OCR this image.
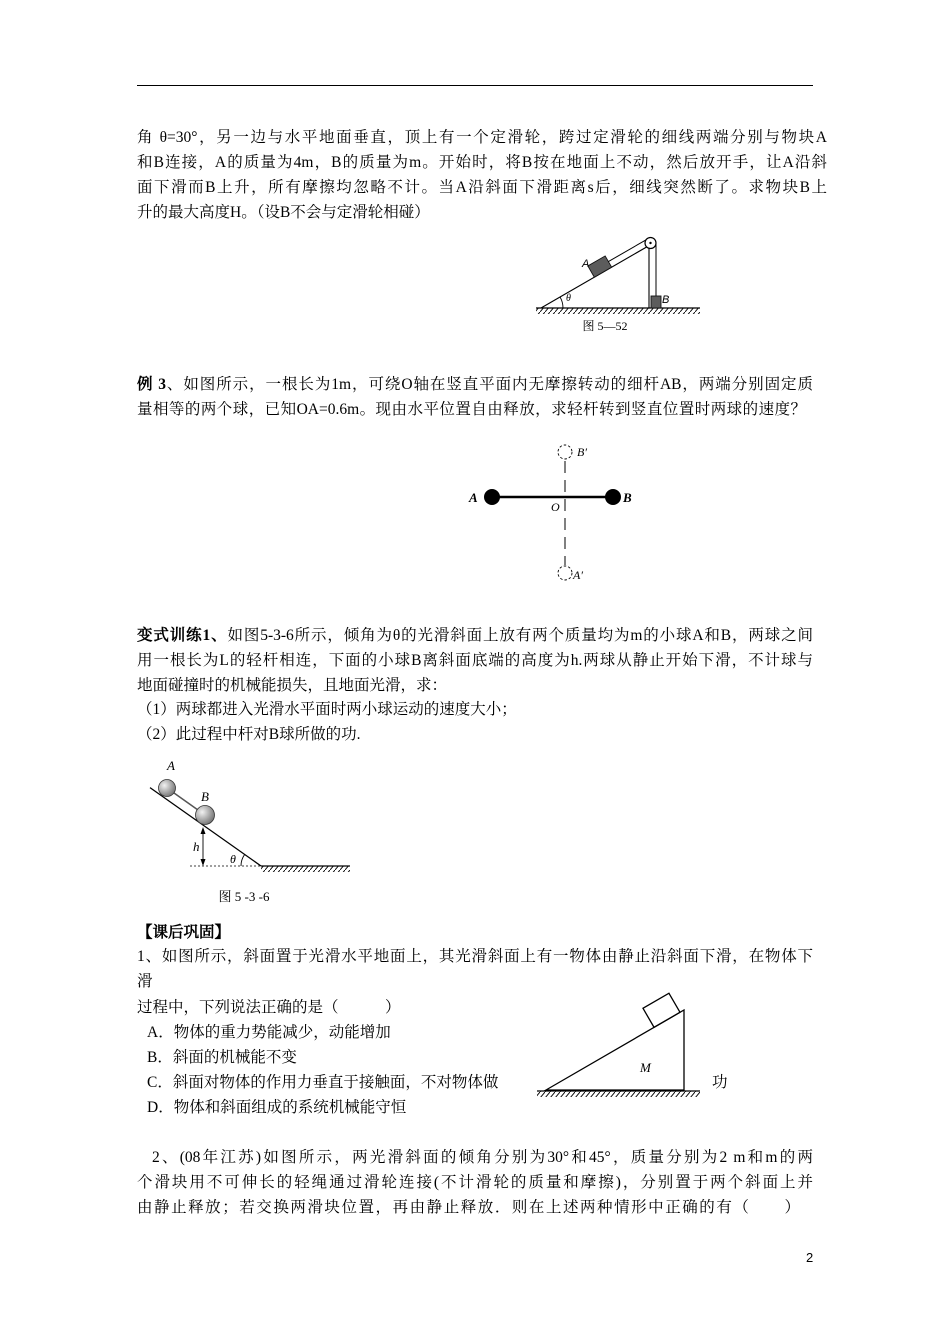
角 θ=30°，另一边与水平地面垂直，顶上有一个定滑轮，跨过定滑轮的细线两端分别与物块A
和B连接，A的质量为4m，B的质量为m。开始时，将B按在地面上不动，然后放开手，让A沿斜
面下滑而B上升，所有摩擦均忽略不计。当A沿斜面下滑距离s后，细线突然断了。求物块B上
升的最大高度H。（设B不会与定滑轮相碰）
例 3、如图所示，一根长为1m，可绕O轴在竖直平面内无摩擦转动的细杆AB，两端分别固定质
量相等的两个球，已知OA=0.6m。现由水平位置自由释放，求轻杆转到竖直位置时两球的速度？
变式训练1、如图5-3-6所示，倾角为θ的光滑斜面上放有两个质量均为m的小球A和B，两球之间
用一根长为L的轻杆相连，下面的小球B离斜面底端的高度为h.两球从静止开始下滑，不计球与
地面碰撞时的机械能损失，且地面光滑，求：
（1）两球都进入光滑水平面时两小球运动的速度大小；
（2）此过程中杆对B球所做的功.
【课后巩固】
1、如图所示，斜面置于光滑水平地面上，其光滑斜面上有一物体由静止沿斜面下滑，在物体下
滑
过程中，下列说法正确的是（　　　）
A．物体的重力势能减少，动能增加
B．斜面的机械能不变
C．斜面对物体的作用力垂直于接触面，不对物体做	功
D．物体和斜面组成的系统机械能守恒
2、(08年江苏)如图所示，两光滑斜面的倾角分别为30°和45°，质量分别为2 m和m的两
个滑块用不可伸长的轻绳通过滑轮连接(不计滑轮的质量和摩擦)，分别置于两个斜面上并
由静止释放；若交换两滑块位置，再由静止释放．则在上述两种情形中正确的有（　　）
2
A
B
θ
图 5—52
A	B
O
B′
A′
A
B
h
θ
图 5 -3 -6
M
